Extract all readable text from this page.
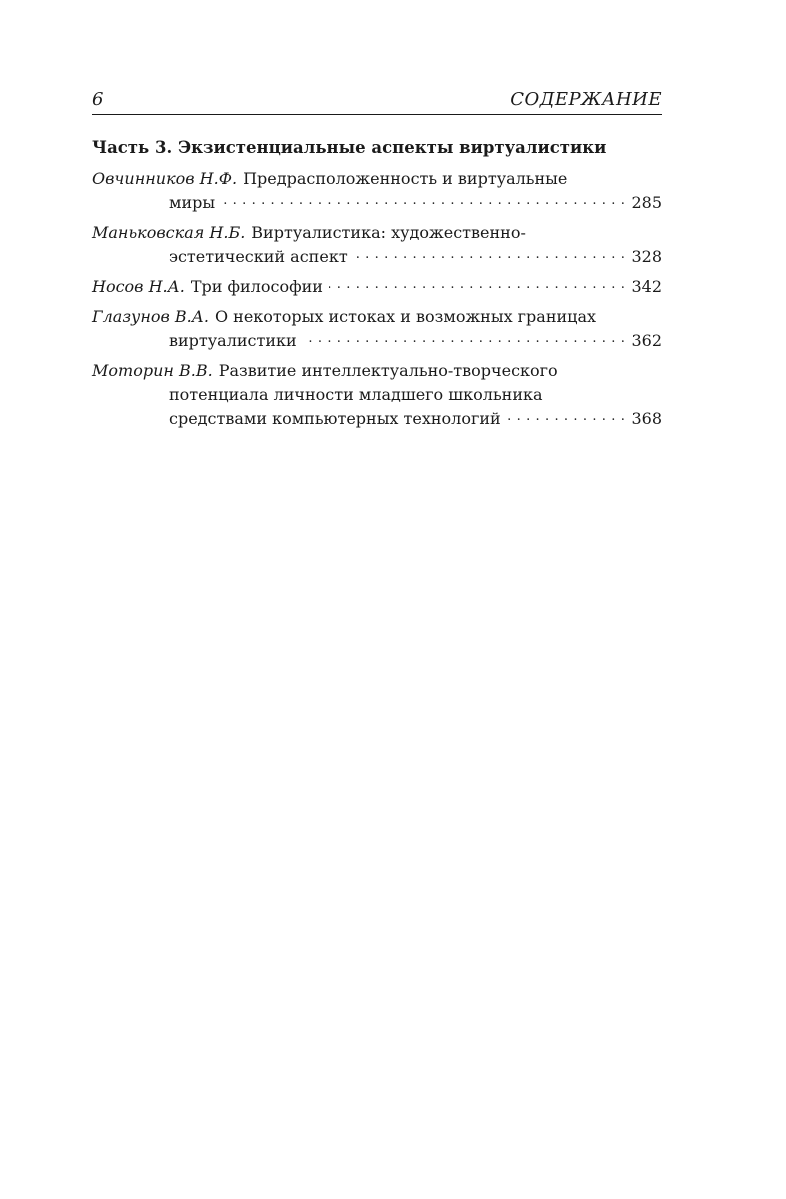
6	СОДЕРЖАНИЕ
Часть 3. Экзистенциальные аспекты виртуалистики
Овчинников Н.Ф. Предрасположенность и виртуальные
миры . . .	285
Маньковская Н.Б. Виртуалистика: художественно-
эстетический аспект . . .	328
Носов Н.А. Три философии . . .	342
Глазунов В.А. О некоторых истоках и возможных границах
виртуалистики . . .	362
Моторин В.В. Развитие интеллектуально-творческого
потенциала личности младшего школьника
средствами компьютерных технологий . . .	368
